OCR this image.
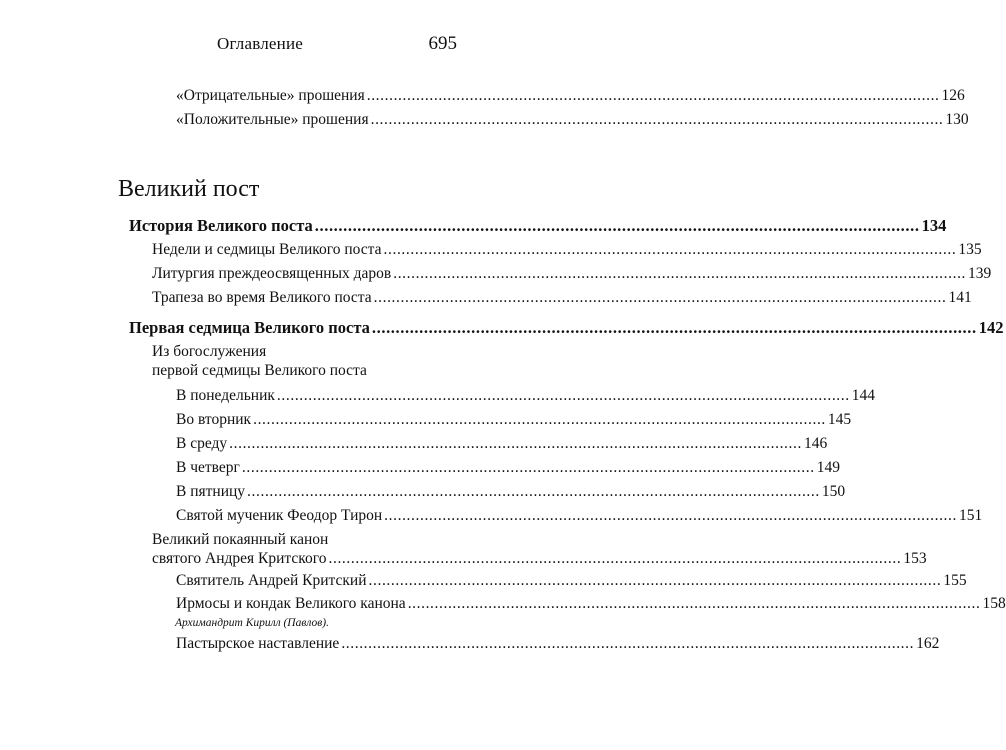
Оглавление	695
«Отрицательные» прошения ................................................................................................................................ 126
«Положительные» прошения ................................................................................................................................ 130
Великий пост
История Великого поста ................................................................................................................................ 134
Недели и седмицы Великого поста ................................................................................................................................ 135
Литургия преждеосвященных даров ................................................................................................................................ 139
Трапеза во время Великого поста ................................................................................................................................ 141
Первая седмица Великого поста ................................................................................................................................ 142
Из богослужения
первой седмицы Великого поста
В понедельник ................................................................................................................................ 144
Во вторник ................................................................................................................................ 145
В среду ................................................................................................................................ 146
В четверг ................................................................................................................................ 149
В пятницу ................................................................................................................................ 150
Святой мученик Феодор Тирон ................................................................................................................................ 151
Великий покаянный канон
святого Андрея Критского ................................................................................................................................ 153
Святитель Андрей Критский ................................................................................................................................ 155
Ирмосы и кондак Великого канона ................................................................................................................................ 158
Архимандрит Кирилл (Павлов).
Пастырское наставление ................................................................................................................................ 162
